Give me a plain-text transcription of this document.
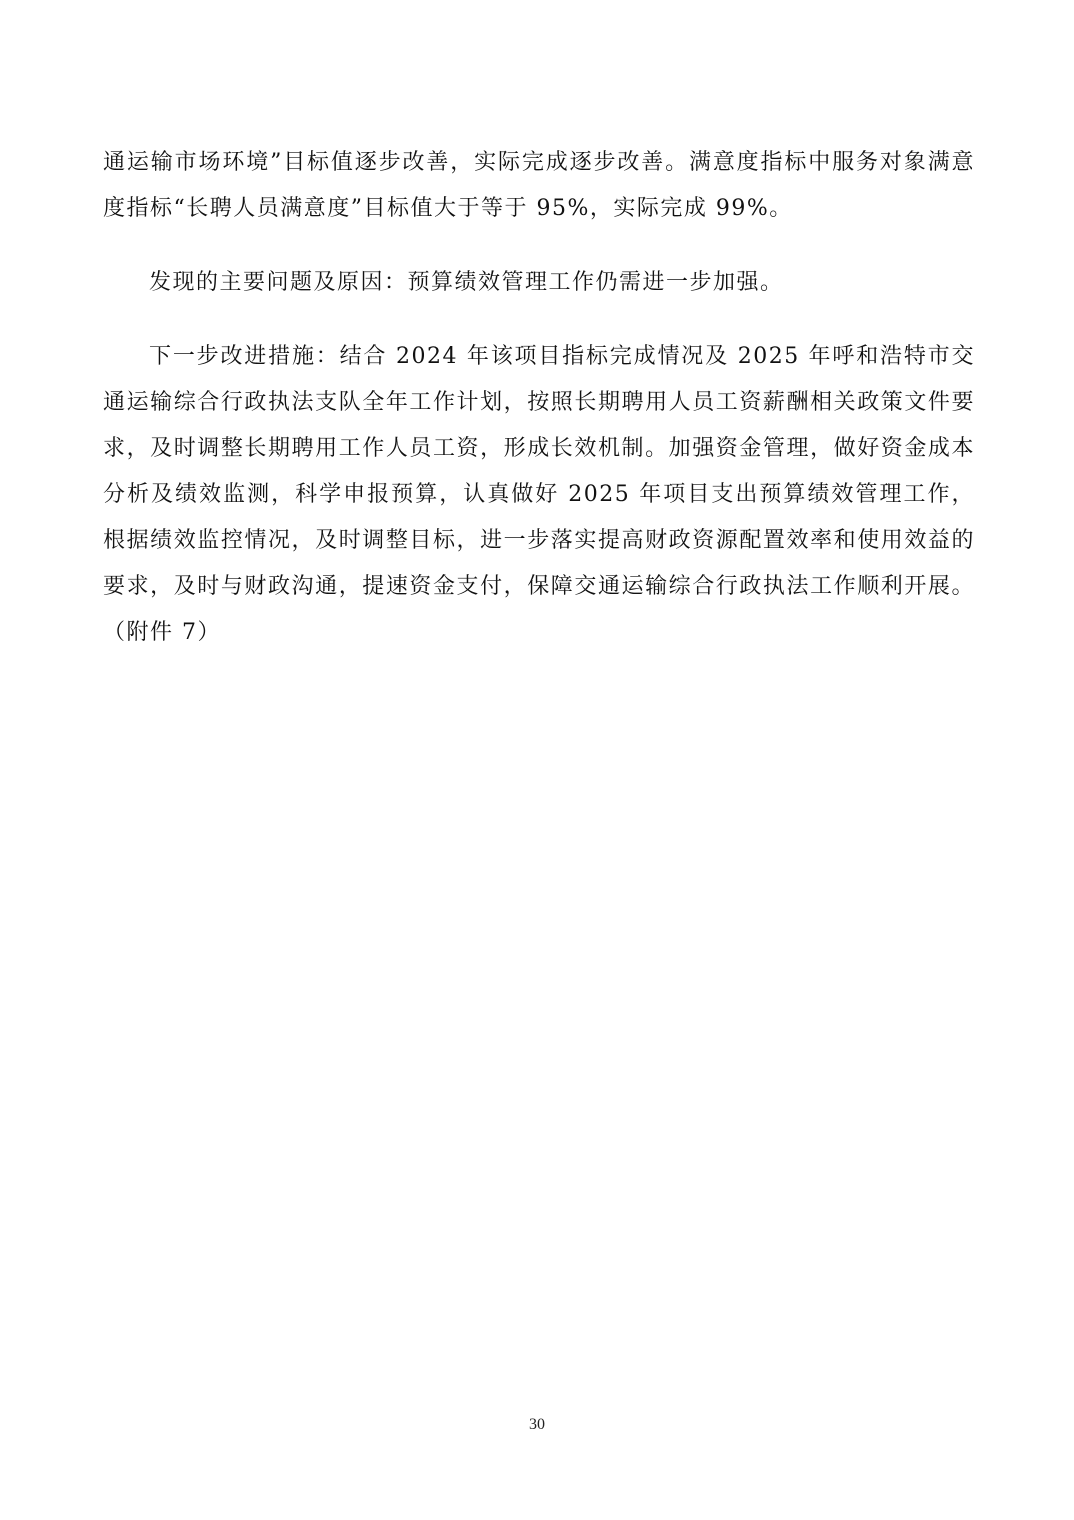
通运输市场环境”目标值逐步改善，实际完成逐步改善。满意度指标中服务对象满意度指标“长聘人员满意度”目标值大于等于 95%，实际完成 99%。

发现的主要问题及原因：预算绩效管理工作仍需进一步加强。

下一步改进措施：结合 2024 年该项目指标完成情况及 2025 年呼和浩特市交通运输综合行政执法支队全年工作计划，按照长期聘用人员工资薪酬相关政策文件要求，及时调整长期聘用工作人员工资，形成长效机制。加强资金管理，做好资金成本分析及绩效监测，科学申报预算，认真做好 2025 年项目支出预算绩效管理工作，根据绩效监控情况，及时调整目标，进一步落实提高财政资源配置效率和使用效益的要求，及时与财政沟通，提速资金支付，保障交通运输综合行政执法工作顺利开展。（附件 7）

30
